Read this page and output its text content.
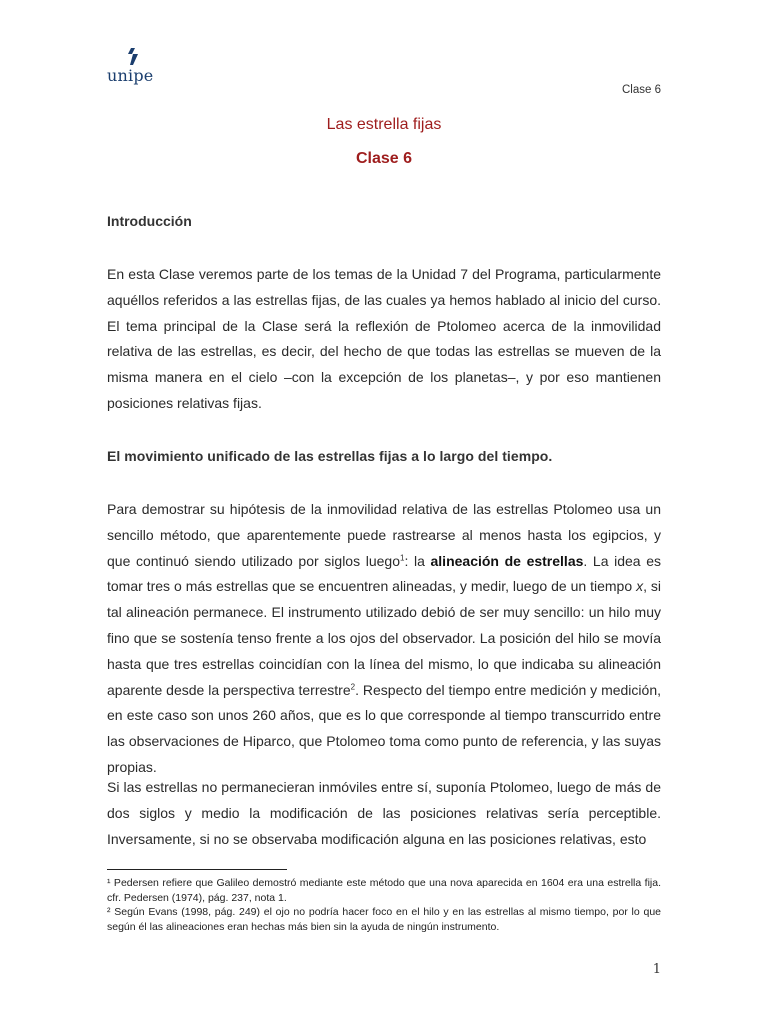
unipe
Clase 6
Las estrella fijas
Clase 6
Introducción
En esta Clase veremos parte de los temas de la Unidad 7 del Programa, particularmente aquéllos referidos a las estrellas fijas, de las cuales ya hemos hablado al inicio del curso. El tema principal de la Clase será la reflexión de Ptolomeo acerca de la inmovilidad relativa de las estrellas, es decir, del hecho de que todas las estrellas se mueven de la misma manera en el cielo –con la excepción de los planetas–, y por eso mantienen posiciones relativas fijas.
El movimiento unificado de las estrellas fijas a lo largo del tiempo.
Para demostrar su hipótesis de la inmovilidad relativa de las estrellas Ptolomeo usa un sencillo método, que aparentemente puede rastrearse al menos hasta los egipcios, y que continuó siendo utilizado por siglos luego$^1$: la alineación de estrellas. La idea es tomar tres o más estrellas que se encuentren alineadas, y medir, luego de un tiempo x, si tal alineación permanece. El instrumento utilizado debió de ser muy sencillo: un hilo muy fino que se sostenía tenso frente a los ojos del observador. La posición del hilo se movía hasta que tres estrellas coincidían con la línea del mismo, lo que indicaba su alineación aparente desde la perspectiva terrestre$^2$. Respecto del tiempo entre medición y medición, en este caso son unos 260 años, que es lo que corresponde al tiempo transcurrido entre las observaciones de Hiparco, que Ptolomeo toma como punto de referencia, y las suyas propias.
Si las estrellas no permanecieran inmóviles entre sí, suponía Ptolomeo, luego de más de dos siglos y medio la modificación de las posiciones relativas sería perceptible. Inversamente, si no se observaba modificación alguna en las posiciones relativas, esto

¹ Pedersen refiere que Galileo demostró mediante este método que una nova aparecida en 1604 era una estrella fija. cfr. Pedersen (1974), pág. 237, nota 1.

² Según Evans (1998, pág. 249) el ojo no podría hacer foco en el hilo y en las estrellas al mismo tiempo, por lo que según él las alineaciones eran hechas más bien sin la ayuda de ningún instrumento.

1
